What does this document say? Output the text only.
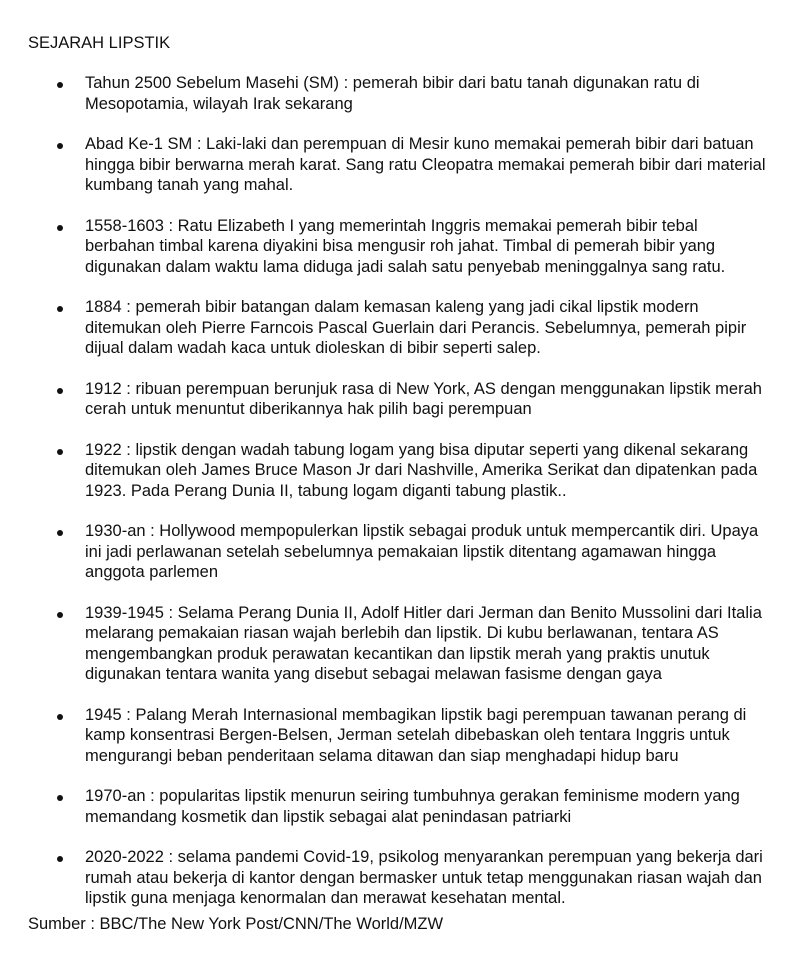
SEJARAH LIPSTIK
Tahun 2500 Sebelum Masehi (SM) : pemerah bibir dari batu tanah digunakan ratu di Mesopotamia, wilayah Irak sekarang
Abad Ke-1 SM : Laki-laki dan perempuan di Mesir kuno memakai pemerah bibir dari batuan hingga bibir berwarna merah karat. Sang ratu Cleopatra memakai pemerah bibir dari material kumbang tanah yang mahal.
1558-1603 : Ratu Elizabeth I yang memerintah Inggris memakai pemerah bibir tebal berbahan timbal karena diyakini bisa mengusir roh jahat. Timbal di pemerah bibir yang digunakan dalam waktu lama diduga jadi salah satu penyebab meninggalnya sang ratu.
1884 : pemerah bibir batangan dalam kemasan kaleng yang jadi cikal lipstik modern ditemukan oleh Pierre Farncois Pascal Guerlain dari Perancis. Sebelumnya, pemerah pipir dijual dalam wadah kaca untuk dioleskan di bibir seperti salep.
1912 : ribuan perempuan berunjuk rasa di New York, AS dengan menggunakan lipstik merah cerah untuk menuntut diberikannya hak pilih bagi perempuan
1922 : lipstik dengan wadah tabung logam yang bisa diputar seperti yang dikenal sekarang ditemukan oleh James Bruce Mason Jr dari Nashville, Amerika Serikat dan dipatenkan pada 1923. Pada Perang Dunia II, tabung logam diganti tabung plastik..
1930-an : Hollywood mempopulerkan lipstik sebagai produk untuk mempercantik diri. Upaya ini jadi perlawanan setelah sebelumnya pemakaian lipstik ditentang agamawan hingga anggota parlemen
1939-1945 : Selama Perang Dunia II, Adolf Hitler dari Jerman dan Benito Mussolini dari Italia melarang pemakaian riasan wajah berlebih dan lipstik. Di kubu berlawanan, tentara AS mengembangkan produk perawatan kecantikan dan lipstik merah yang praktis unutuk digunakan tentara wanita yang disebut sebagai melawan fasisme dengan gaya
1945 : Palang Merah Internasional membagikan lipstik bagi perempuan tawanan perang di kamp konsentrasi Bergen-Belsen, Jerman setelah dibebaskan oleh tentara Inggris untuk mengurangi beban penderitaan selama ditawan dan siap menghadapi hidup baru
1970-an : popularitas lipstik menurun seiring tumbuhnya gerakan feminisme modern yang memandang kosmetik dan lipstik sebagai alat penindasan patriarki
2020-2022 : selama pandemi Covid-19, psikolog menyarankan perempuan yang bekerja dari rumah atau bekerja di kantor dengan bermasker untuk tetap menggunakan riasan wajah dan lipstik guna menjaga kenormalan dan merawat kesehatan mental.
Sumber : BBC/The New York Post/CNN/The World/MZW
